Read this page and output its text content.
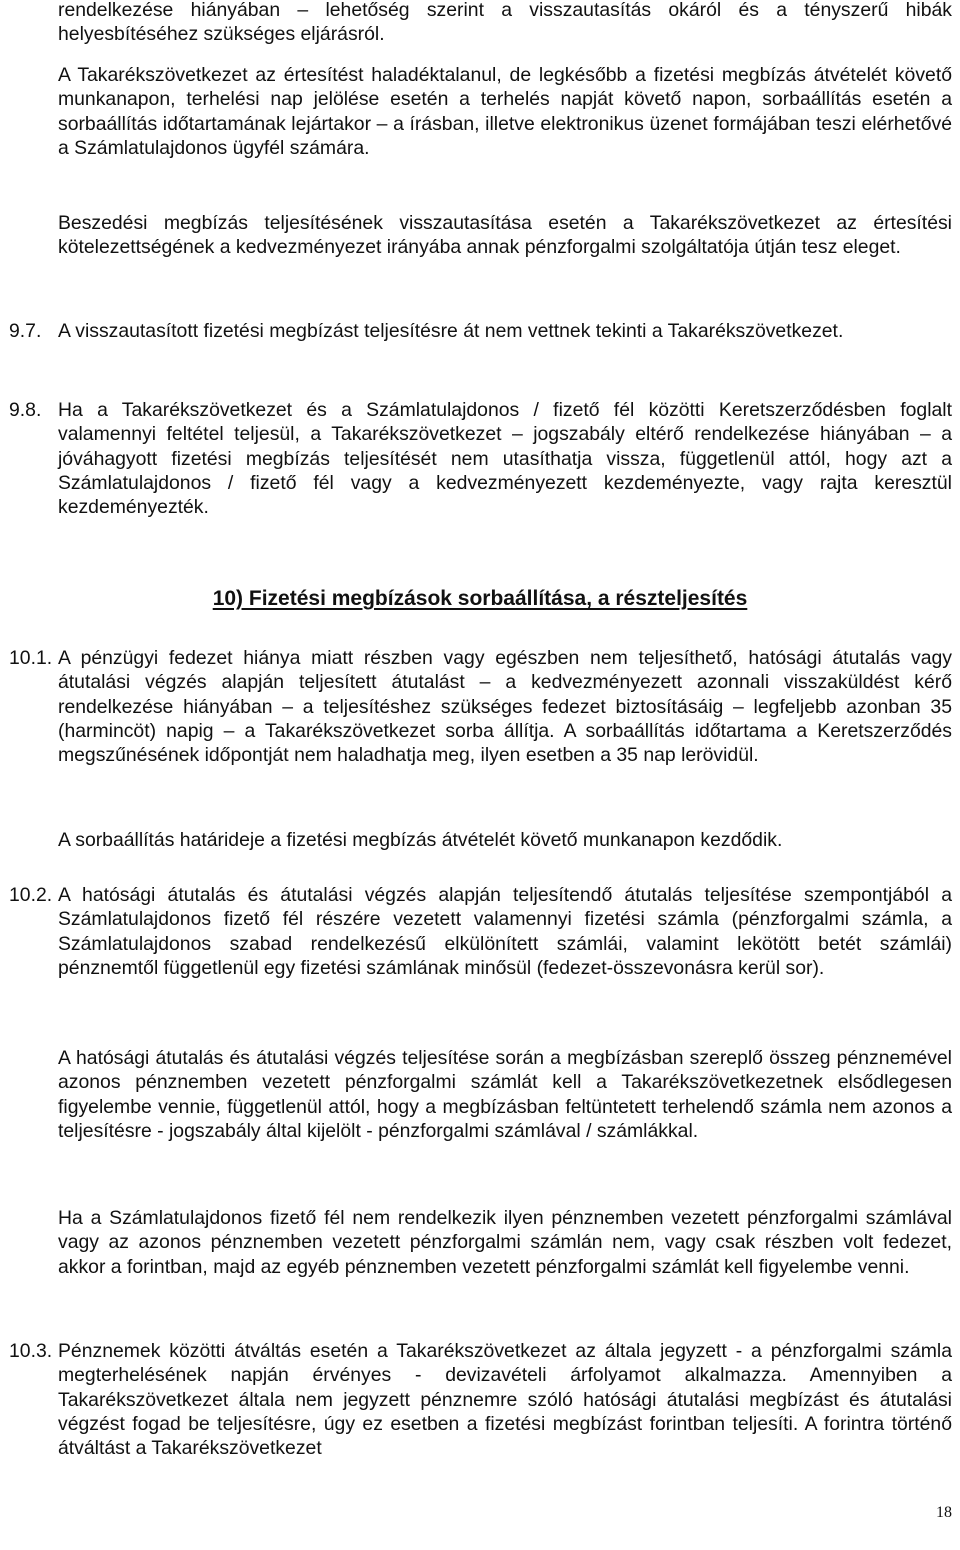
rendelkezése hiányában – lehetőség szerint a visszautasítás okáról és a tényszerű hibák helyesbítéséhez szükséges eljárásról.

A Takarékszövetkezet az értesítést haladéktalanul, de legkésőbb a fizetési megbízás átvételét követő munkanapon, terhelési nap jelölése esetén a terhelés napját követő napon, sorbaállítás esetén a sorbaállítás időtartamának lejártakor – a írásban, illetve elektronikus üzenet formájában teszi elérhetővé a Számlatulajdonos ügyfél számára.

Beszedési megbízás teljesítésének visszautasítása esetén a Takarékszövetkezet az értesítési kötelezettségének a kedvezményezet irányába annak pénzforgalmi szolgáltatója útján tesz eleget.

9.7. A visszautasított fizetési megbízást teljesítésre át nem vettnek tekinti a Takarékszövetkezet.

9.8. Ha a Takarékszövetkezet és a Számlatulajdonos / fizető fél közötti Keretszerződésben foglalt valamennyi feltétel teljesül, a Takarékszövetkezet – jogszabály eltérő rendelkezése hiányában – a jóváhagyott fizetési megbízás teljesítését nem utasíthatja vissza, függetlenül attól, hogy azt a Számlatulajdonos / fizető fél vagy a kedvezményezett kezdeményezte, vagy rajta keresztül kezdeményezték.

10) Fizetési megbízások sorbaállítása, a részteljesítés

10.1. A pénzügyi fedezet hiánya miatt részben vagy egészben nem teljesíthető, hatósági átutalás vagy átutalási végzés alapján teljesített átutalást – a kedvezményezett azonnali visszaküldést kérő rendelkezése hiányában – a teljesítéshez szükséges fedezet biztosításáig – legfeljebb azonban 35 (harmincöt) napig – a Takarékszövetkezet sorba állítja. A sorbaállítás időtartama a Keretszerződés megszűnésének időpontját nem haladhatja meg, ilyen esetben a 35 nap lerövidül.

A sorbaállítás határideje a fizetési megbízás átvételét követő munkanapon kezdődik.

10.2. A hatósági átutalás és átutalási végzés alapján teljesítendő átutalás teljesítése szempontjából a Számlatulajdonos fizető fél részére vezetett valamennyi fizetési számla (pénzforgalmi számla, a Számlatulajdonos szabad rendelkezésű elkülönített számlái, valamint lekötött betét számlái) pénznemtől függetlenül egy fizetési számlának minősül (fedezet-összevonásra kerül sor).

A hatósági átutalás és átutalási végzés teljesítése során a megbízásban szereplő összeg pénznemével azonos pénznemben vezetett pénzforgalmi számlát kell a Takarékszövetkezetnek elsődlegesen figyelembe vennie, függetlenül attól, hogy a megbízásban feltüntetett terhelendő számla nem azonos a teljesítésre - jogszabály által kijelölt - pénzforgalmi számlával / számlákkal.

Ha a Számlatulajdonos fizető fél nem rendelkezik ilyen pénznemben vezetett pénzforgalmi számlával vagy az azonos pénznemben vezetett pénzforgalmi számlán nem, vagy csak részben volt fedezet, akkor a forintban, majd az egyéb pénznemben vezetett pénzforgalmi számlát kell figyelembe venni.

10.3. Pénznemek közötti átváltás esetén a Takarékszövetkezet az általa jegyzett - a pénzforgalmi számla megterhelésének napján érvényes - devizavételi árfolyamot alkalmazza. Amennyiben a Takarékszövetkezet általa nem jegyzett pénznemre szóló hatósági átutalási megbízást és átutalási végzést fogad be teljesítésre, úgy ez esetben a fizetési megbízást forintban teljesíti. A forintra történő átváltást a Takarékszövetkezet

18
